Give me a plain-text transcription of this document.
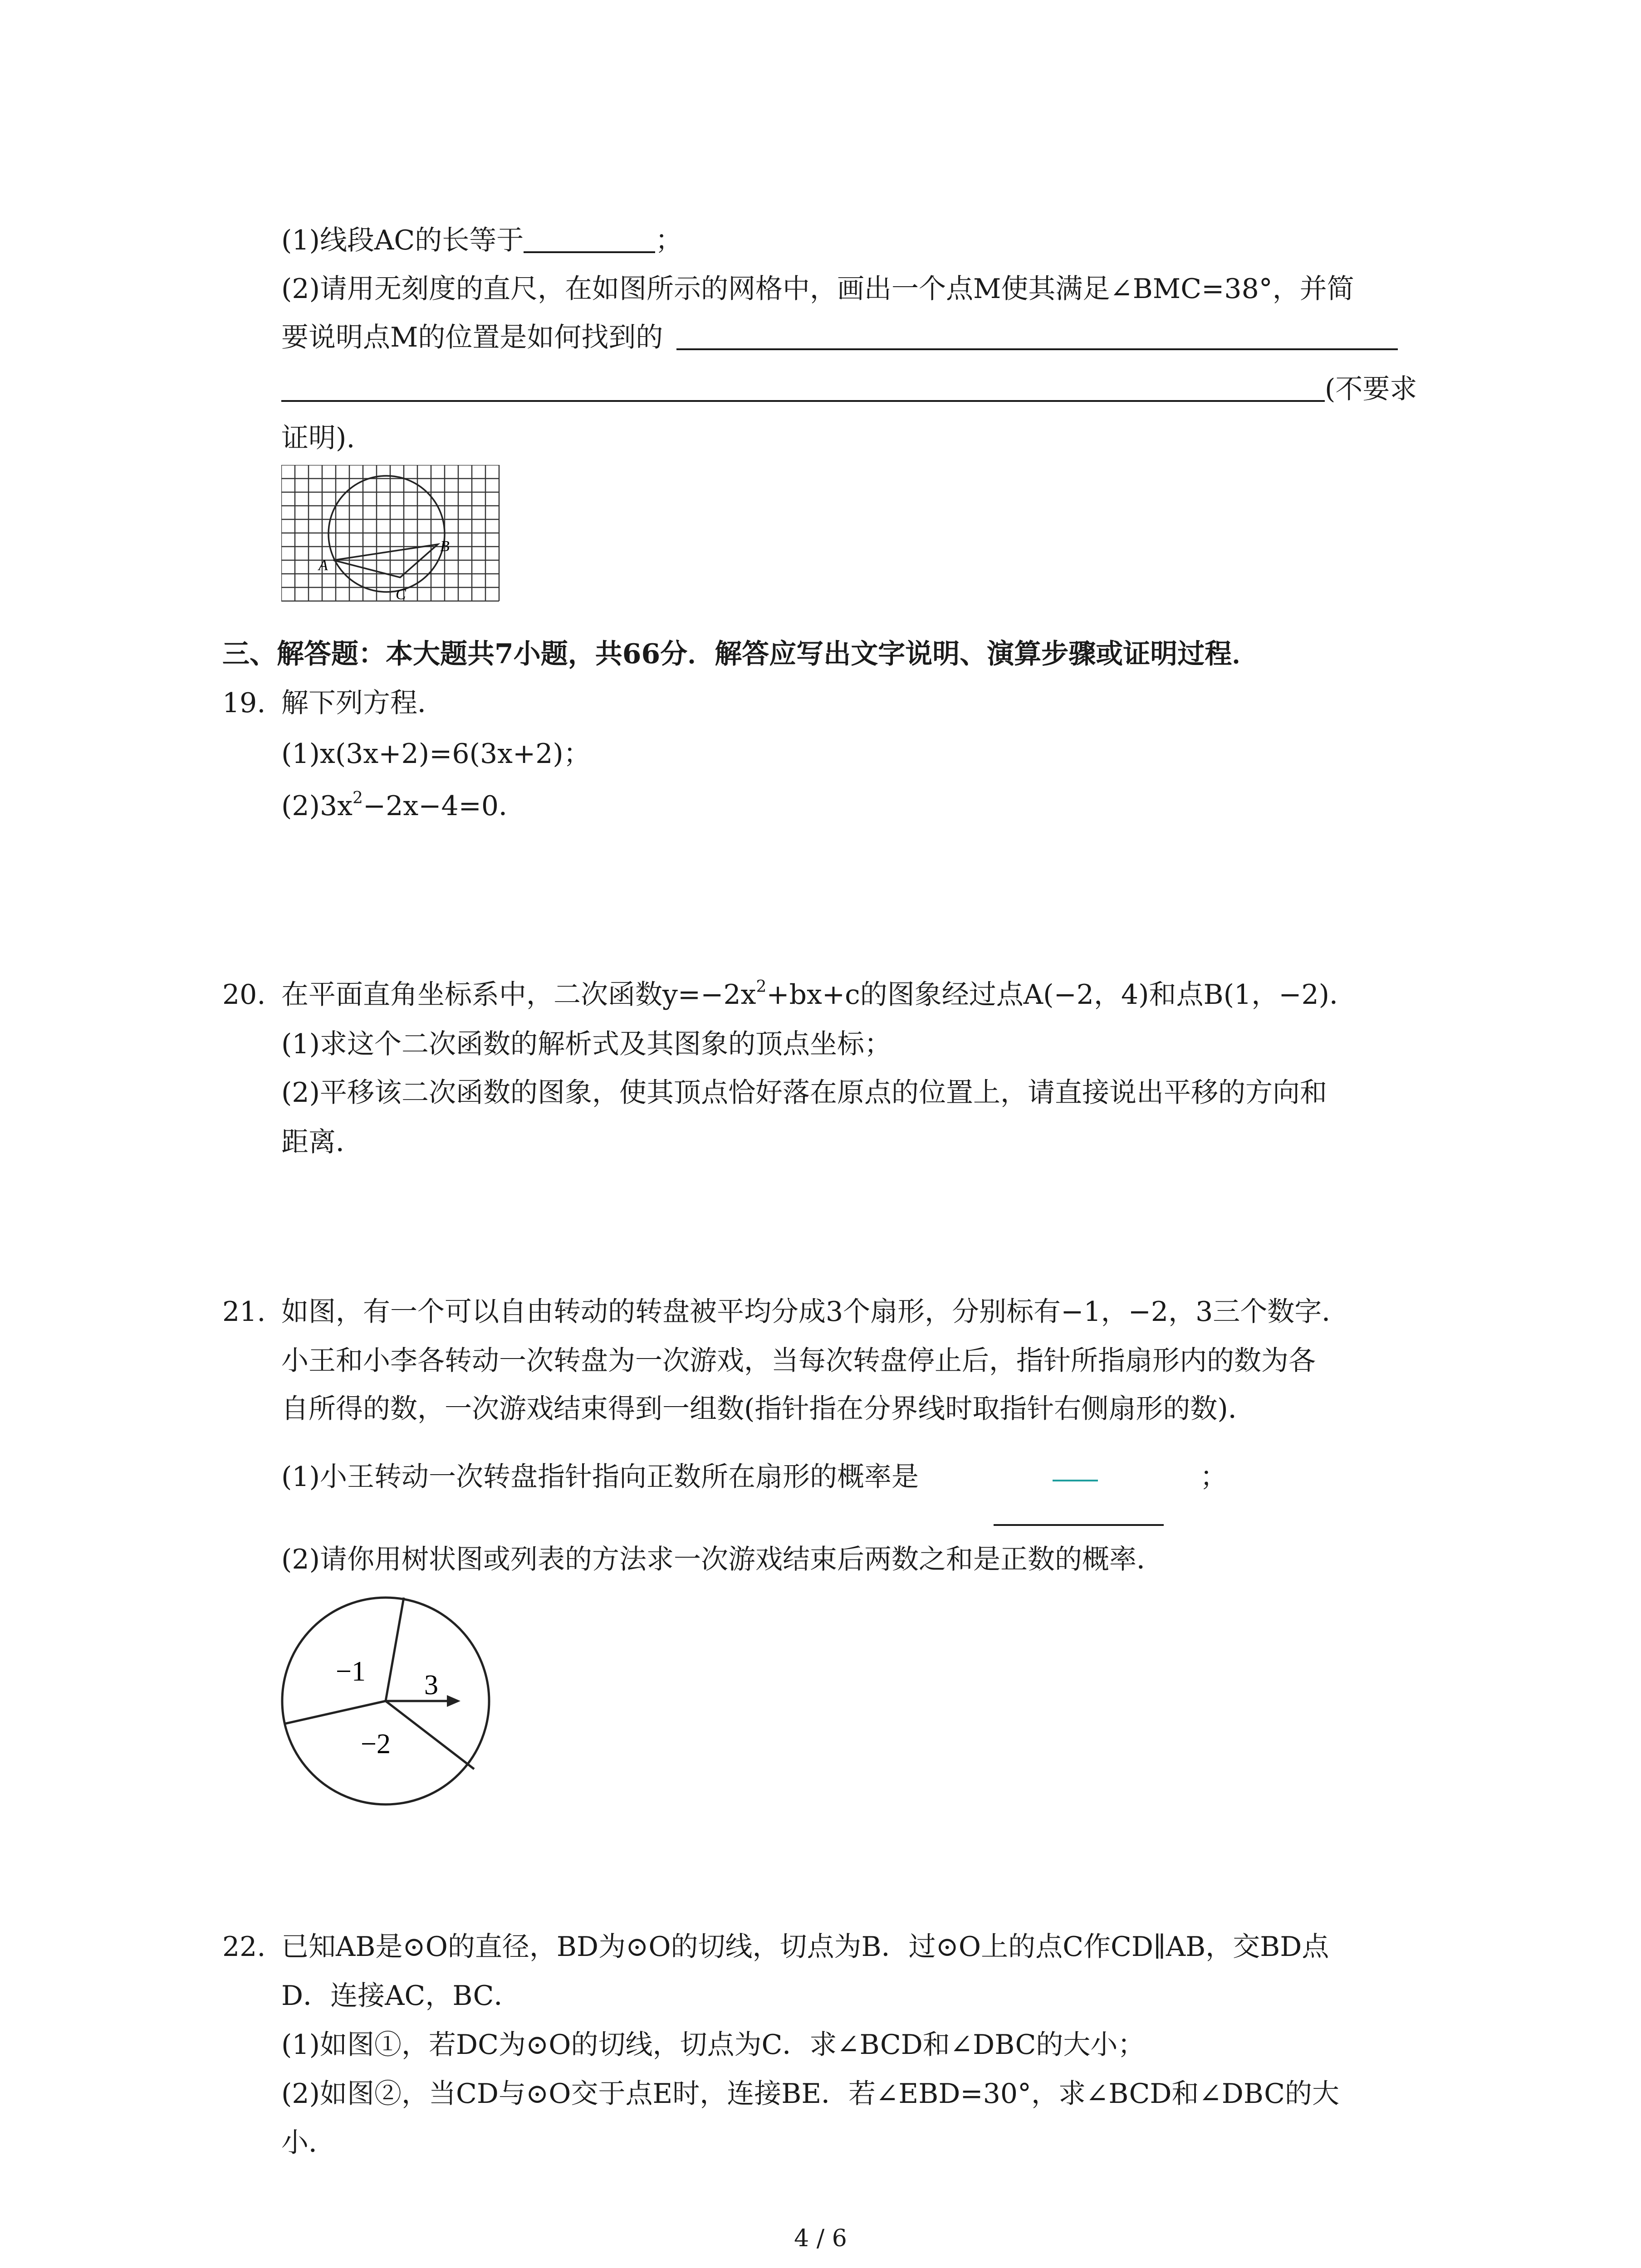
(1)线段AC的长等于	；
(2)请用无刻度的直尺，在如图所示的网格中，画出一个点M使其满足∠BMC=38°，并简
要说明点M的位置是如何找到的
(不要求
证明).
A
B
C
三、解答题：本大题共7小题，共66分．解答应写出文字说明、演算步骤或证明过程．
19. 解下列方程．
(1)x(3x+2)=6(3x+2)；
$(2)3x^2-2x-4=0$．
20. 在平面直角坐标系中，二次函数$y=-2x^2+bx+c$的图象经过点A(−2，4)和点B(1，−2)．
(1)求这个二次函数的解析式及其图象的顶点坐标；
(2)平移该二次函数的图象，使其顶点恰好落在原点的位置上，请直接说出平移的方向和
距离．
21. 如图，有一个可以自由转动的转盘被平均分成3个扇形，分别标有−1，−2，3三个数字．
小王和小李各转动一次转盘为一次游戏，当每次转盘停止后，指针所指扇形内的数为各
自所得的数，一次游戏结束得到一组数(指针指在分界线时取指针右侧扇形的数)．
(1)小王转动一次转盘指针指向正数所在扇形的概率是	；
(2)请你用树状图或列表的方法求一次游戏结束后两数之和是正数的概率．
−1 3
−2
22. 已知AB是⊙O的直径，BD为⊙O的切线，切点为B．过⊙O上的点C作CD∥AB，交BD点
D．连接AC，BC．
(1)如图①，若DC为⊙O的切线，切点为C．求∠BCD和∠DBC的大小；
(2)如图②，当CD与⊙O交于点E时，连接BE．若∠EBD=30°，求∠BCD和∠DBC的大
小．
4 / 6
